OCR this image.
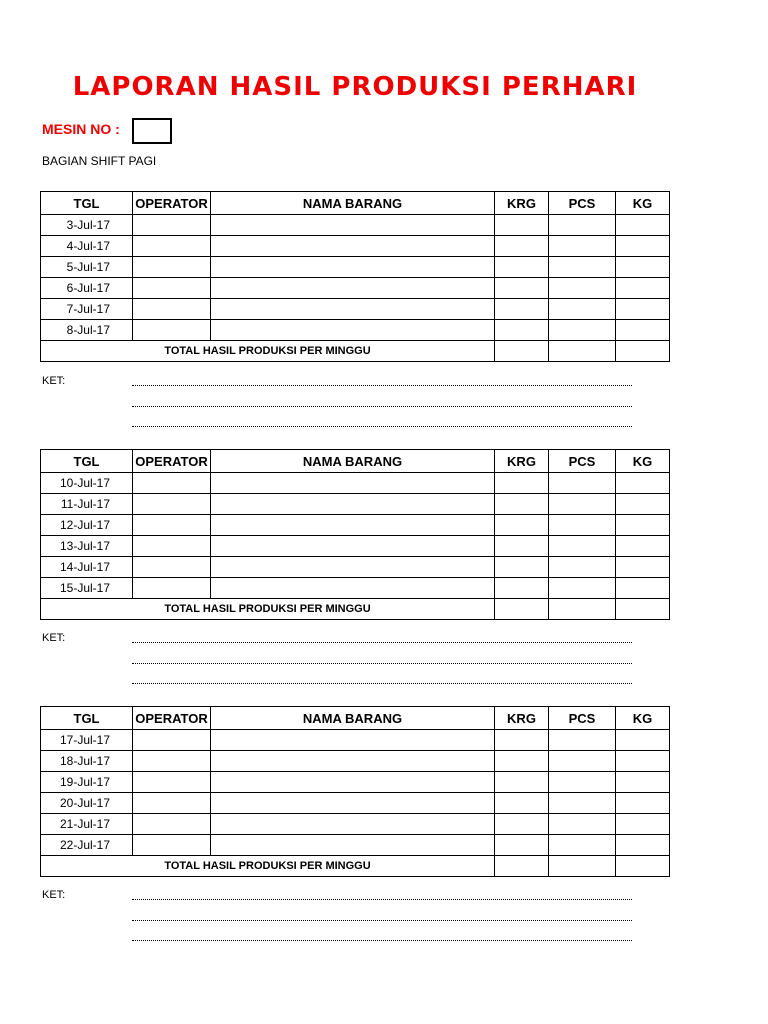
LAPORAN HASIL PRODUKSI PERHARI
MESIN NO :
BAGIAN SHIFT PAGI
TGL	OPERATOR	NAMA BARANG	KRG	PCS	KG
3-Jul-17					
4-Jul-17					
5-Jul-17					
6-Jul-17					
7-Jul-17					
8-Jul-17					
TOTAL HASIL PRODUKSI PER MINGGU					
KET:
TGL	OPERATOR	NAMA BARANG	KRG	PCS	KG
10-Jul-17					
11-Jul-17					
12-Jul-17					
13-Jul-17					
14-Jul-17					
15-Jul-17					
TOTAL HASIL PRODUKSI PER MINGGU					
KET:
TGL	OPERATOR	NAMA BARANG	KRG	PCS	KG
17-Jul-17					
18-Jul-17					
19-Jul-17					
20-Jul-17					
21-Jul-17					
22-Jul-17					
TOTAL HASIL PRODUKSI PER MINGGU					
KET:
